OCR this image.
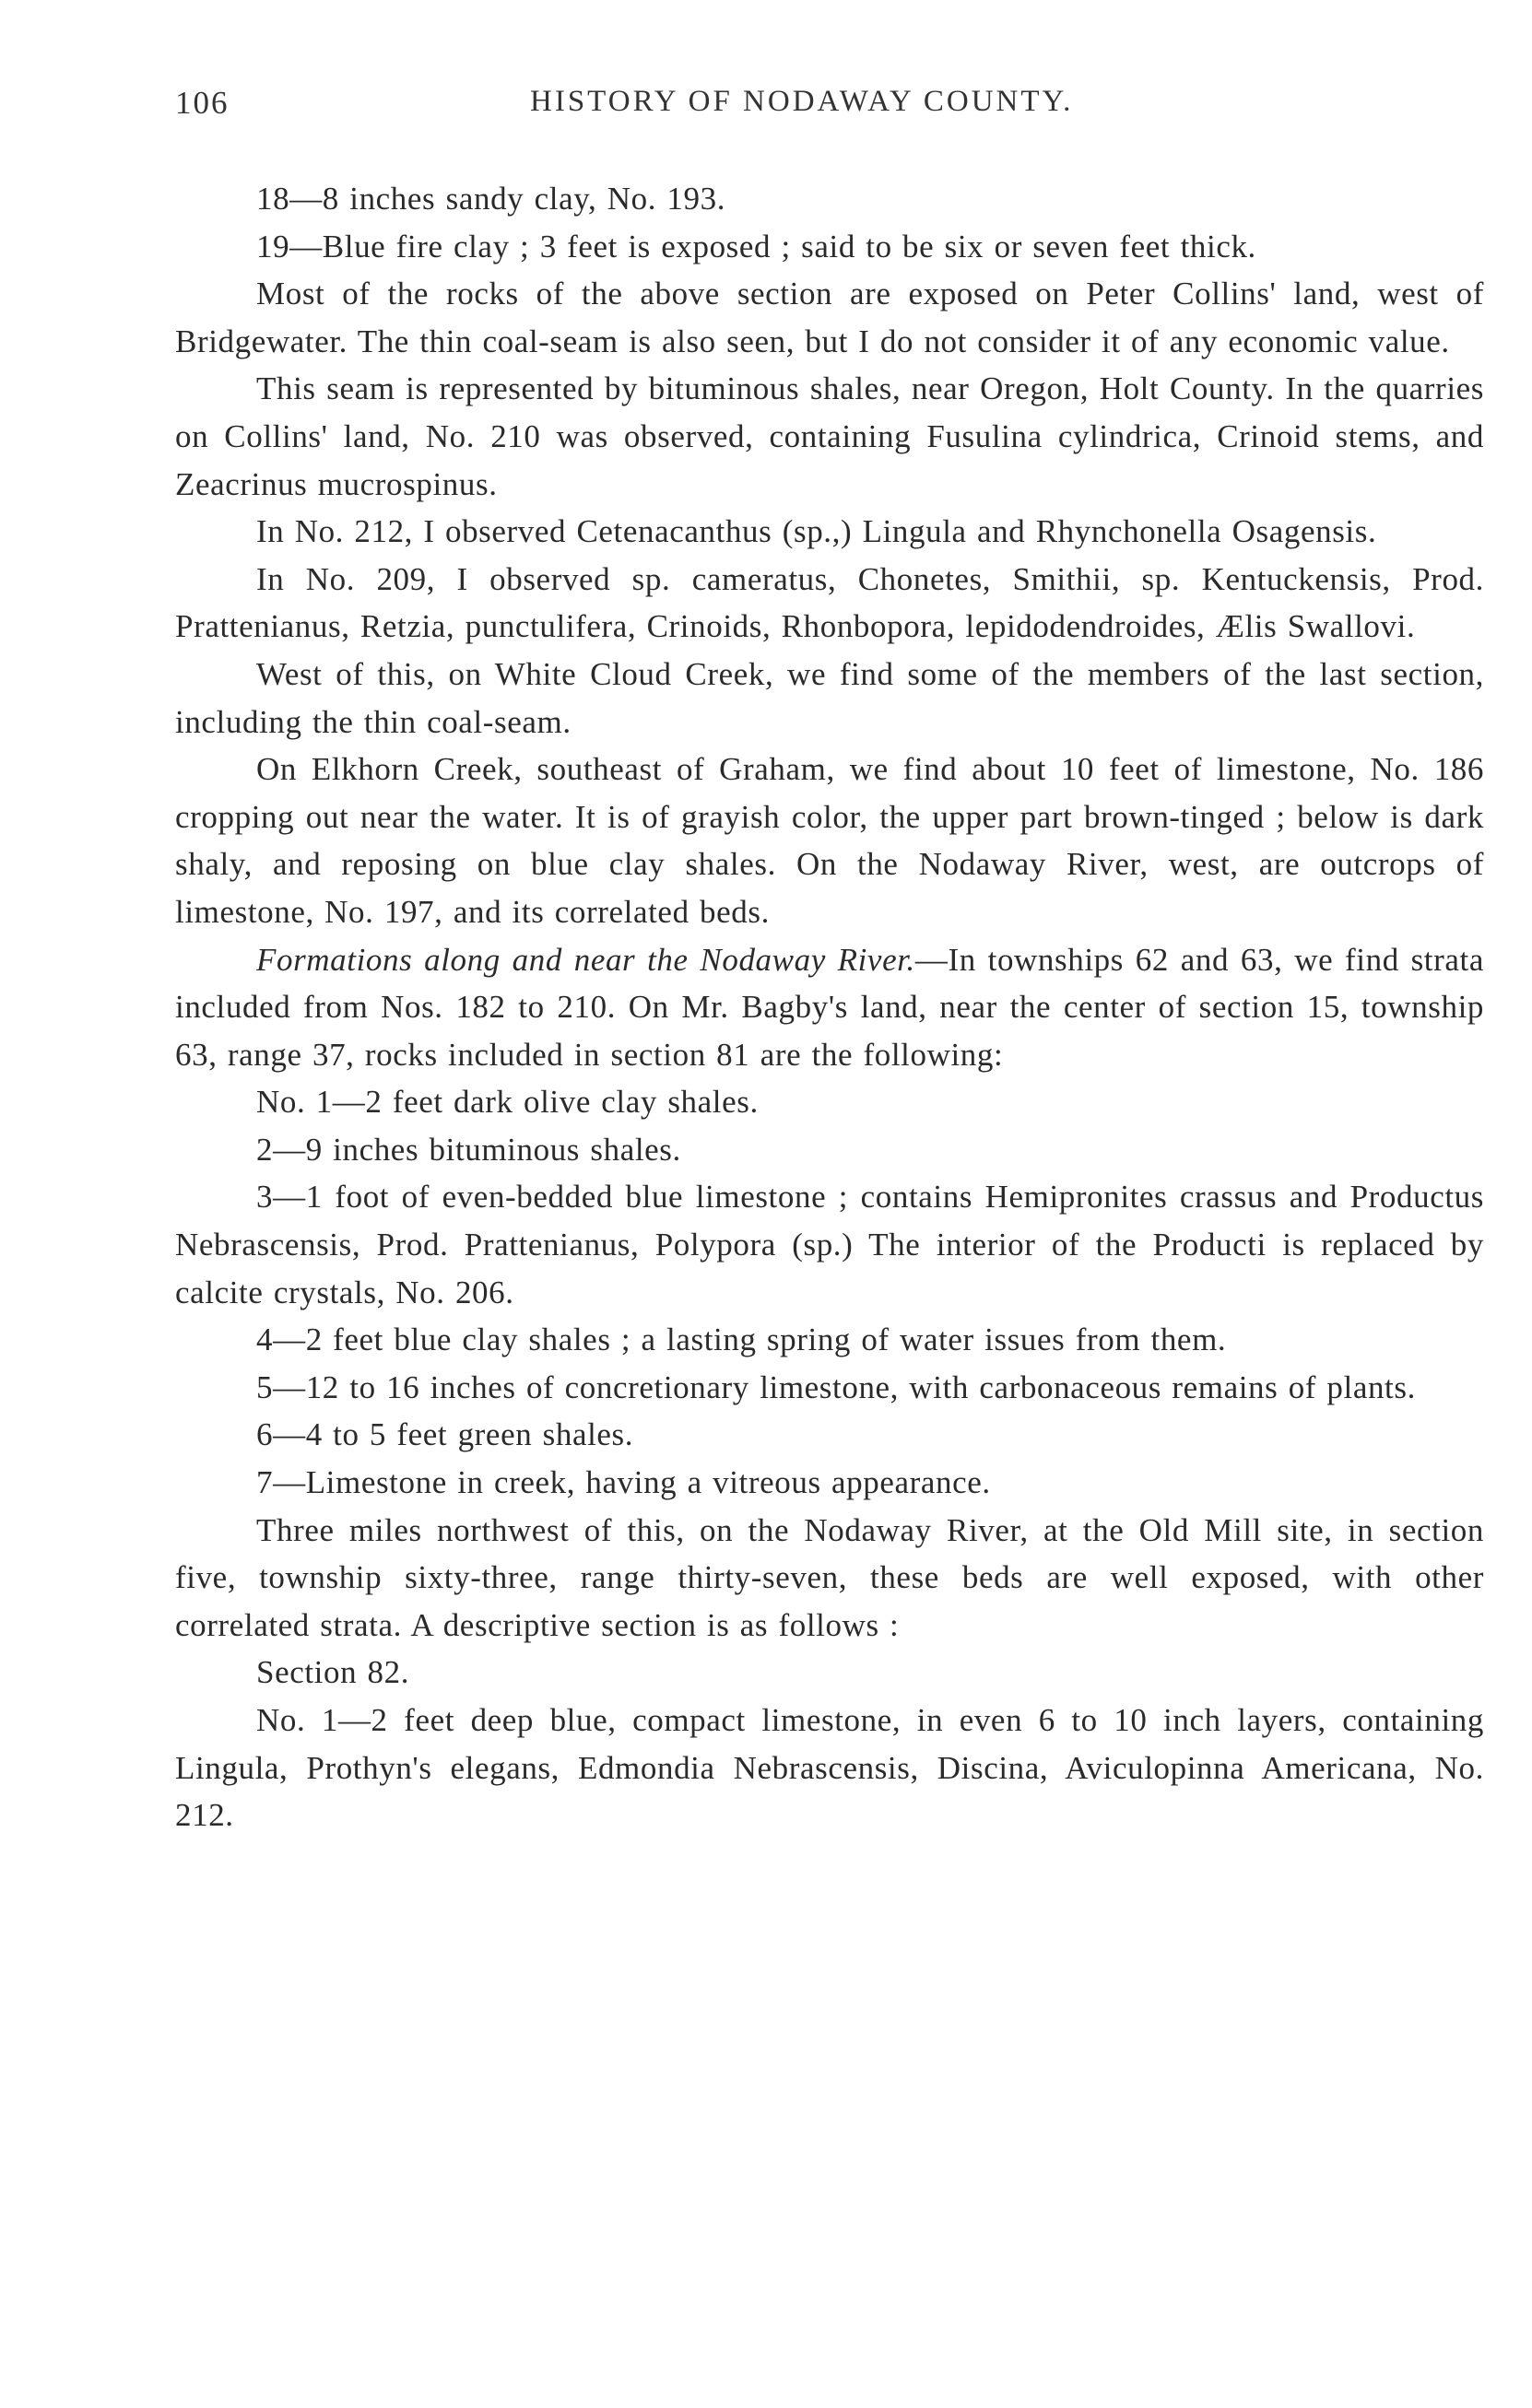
106	HISTORY OF NODAWAY COUNTY.

18—8 inches sandy clay, No. 193.

19—Blue fire clay ; 3 feet is exposed ; said to be six or seven feet thick.

Most of the rocks of the above section are exposed on Peter Collins' land, west of Bridgewater. The thin coal-seam is also seen, but I do not consider it of any economic value.

This seam is represented by bituminous shales, near Oregon, Holt County. In the quarries on Collins' land, No. 210 was observed, containing Fusulina cylindrica, Crinoid stems, and Zeacrinus mucrospinus.

In No. 212, I observed Cetenacanthus (sp.,) Lingula and Rhynchonella Osagensis.

In No. 209, I observed sp. cameratus, Chonetes, Smithii, sp. Kentuckensis, Prod. Prattenianus, Retzia, punctulifera, Crinoids, Rhonbopora, lepidodendroides, Ælis Swallovi.

West of this, on White Cloud Creek, we find some of the members of the last section, including the thin coal-seam.

On Elkhorn Creek, southeast of Graham, we find about 10 feet of limestone, No. 186 cropping out near the water. It is of grayish color, the upper part brown-tinged ; below is dark shaly, and reposing on blue clay shales. On the Nodaway River, west, are outcrops of limestone, No. 197, and its correlated beds.

Formations along and near the Nodaway River.—In townships 62 and 63, we find strata included from Nos. 182 to 210. On Mr. Bagby's land, near the center of section 15, township 63, range 37, rocks included in section 81 are the following:

No. 1—2 feet dark olive clay shales.

2—9 inches bituminous shales.

3—1 foot of even-bedded blue limestone ; contains Hemipronites crassus and Productus Nebrascensis, Prod. Prattenianus, Polypora (sp.) The interior of the Producti is replaced by calcite crystals, No. 206.

4—2 feet blue clay shales ; a lasting spring of water issues from them.

5—12 to 16 inches of concretionary limestone, with carbonaceous remains of plants.

6—4 to 5 feet green shales.

7—Limestone in creek, having a vitreous appearance.

Three miles northwest of this, on the Nodaway River, at the Old Mill site, in section five, township sixty-three, range thirty-seven, these beds are well exposed, with other correlated strata. A descriptive section is as follows :

Section 82.

No. 1—2 feet deep blue, compact limestone, in even 6 to 10 inch layers, containing Lingula, Prothyn's elegans, Edmondia Nebrascensis, Discina, Aviculopinna Americana, No. 212.
